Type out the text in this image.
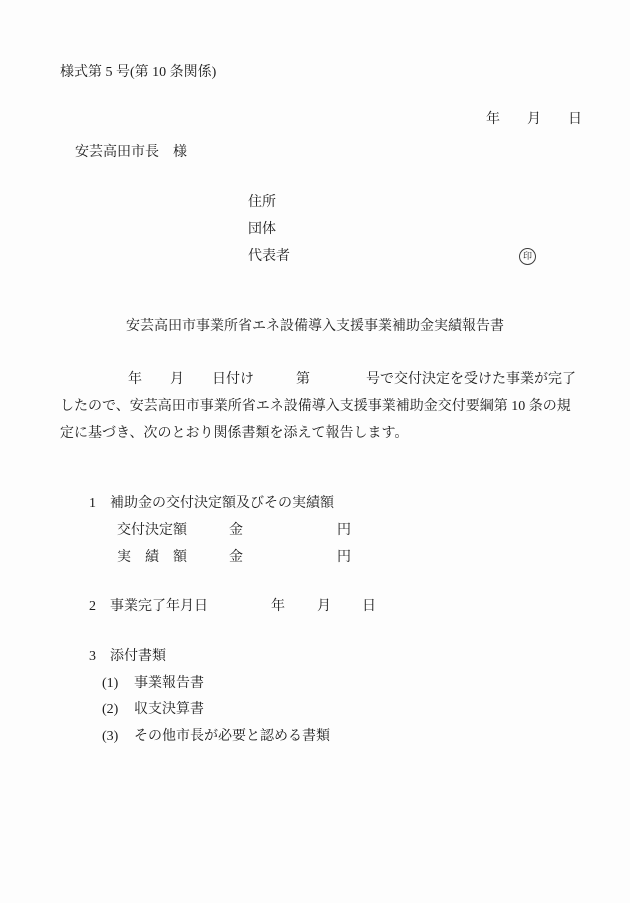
様式第 5 号(第 10 条関係)

年 月 日

安芸高田市長　様
住所
団体
代表者	印
安芸高田市事業所省エネ設備導入支援事業補助金実績報告書
年　　月　　日付け　　　第　　　　号で交付決定を受けた事業が完了
したので、安芸高田市事業所省エネ設備導入支援事業補助金交付要綱第 10 条の規
定に基づき、次のとおり関係書類を添えて報告します。

1 補助金の交付決定額及びその実績額

交付決定額	金	円

実　績　額	金	円

2 事業完了年月日	年 月 日

3 添付書類

(1) 事業報告書

(2) 収支決算書

(3) その他市長が必要と認める書類
